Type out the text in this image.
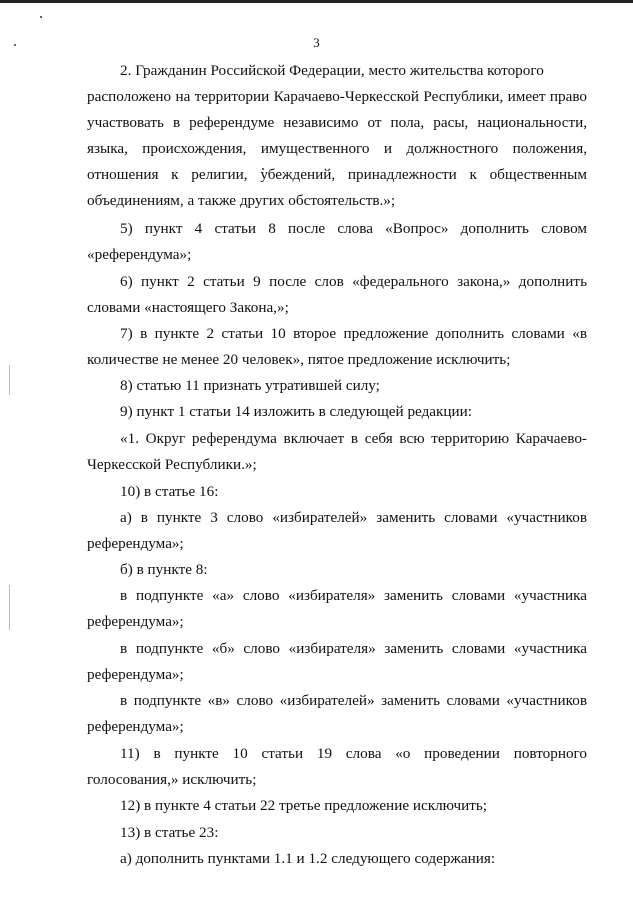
3
2. Гражданин Российской Федерации, место жительства которого
расположено на территории Карачаево-Черкесской Республики, имеет право
участвовать в референдуме независимо от пола, расы, национальности,
языка, происхождения, имущественного и должностного положения,
отношения к религии, убеждений, принадлежности к общественным
объединениям, а также других обстоятельств.»;
5) пункт 4 статьи 8 после слова «Вопрос» дополнить словом
«референдума»;
6) пункт 2 статьи 9 после слов «федерального закона,» дополнить
словами «настоящего Закона,»;
7) в пункте 2 статьи 10 второе предложение дополнить словами «в
количестве не менее 20 человек», пятое предложение исключить;
8) статью 11 признать утратившей силу;
9) пункт 1 статьи 14 изложить в следующей редакции:
«1. Округ референдума включает в себя всю территорию Карачаево-
Черкесской Республики.»;
10) в статье 16:
а) в пункте 3 слово «избирателей» заменить словами «участников
референдума»;
б) в пункте 8:
в подпункте «а» слово «избирателя» заменить словами «участника
референдума»;
в подпункте «б» слово «избирателя» заменить словами «участника
референдума»;
в подпункте «в» слово «избирателей» заменить словами «участников
референдума»;
11) в пункте 10 статьи 19 слова «о проведении повторного
голосования,» исключить;
12) в пункте 4 статьи 22 третье предложение исключить;
13) в статье 23:
а) дополнить пунктами 1.1 и 1.2 следующего содержания:
